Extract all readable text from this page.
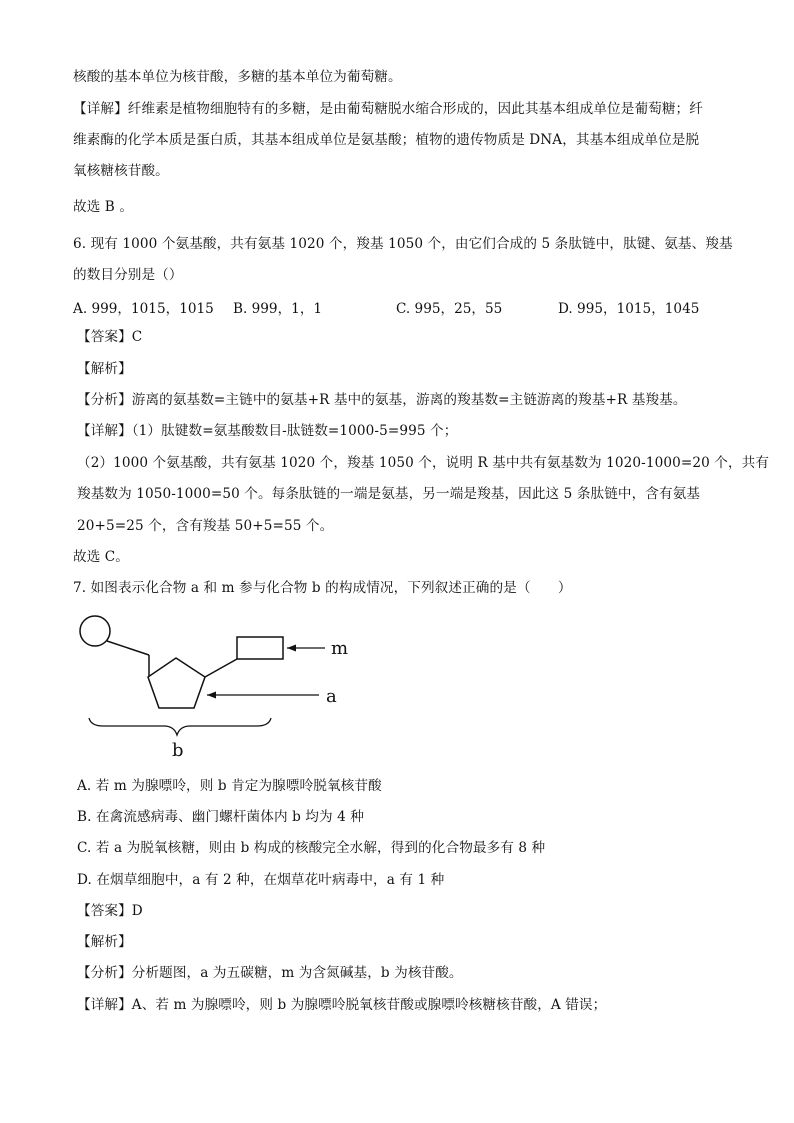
核酸的基本单位为核苷酸，多糖的基本单位为葡萄糖。
【详解】纤维素是植物细胞特有的多糖，是由葡萄糖脱水缩合形成的，因此其基本组成单位是葡萄糖；纤
维素酶的化学本质是蛋白质，其基本组成单位是氨基酸；植物的遗传物质是 DNA，其基本组成单位是脱
氧核糖核苷酸。
故选 B 。
6. 现有 1000 个氨基酸，共有氨基 1020 个，羧基 1050 个，由它们合成的 5 条肽链中，肽键、氨基、羧基
的数目分别是（）
A. 999，1015，1015 B. 999，1，1	C. 995，25，55	D. 995，1015，1045
【答案】C
【解析】
【分析】游离的氨基数=主链中的氨基+R 基中的氨基，游离的羧基数=主链游离的羧基+R 基羧基。
【详解】（1）肽键数=氨基酸数目-肽链数=1000-5=995 个；
（2）1000 个氨基酸，共有氨基 1020 个，羧基 1050 个，说明 R 基中共有氨基数为 1020-1000=20 个，共有
羧基数为 1050-1000=50 个。每条肽链的一端是氨基，另一端是羧基，因此这 5 条肽链中，含有氨基
20+5=25 个，含有羧基 50+5=55 个。
故选 C。
7. 如图表示化合物 a 和 m 参与化合物 b 的构成情况，下列叙述正确的是（　　）
m
a
b
A. 若 m 为腺嘌呤，则 b 肯定为腺嘌呤脱氧核苷酸
B. 在禽流感病毒、幽门螺杆菌体内 b 均为 4 种
C. 若 a 为脱氧核糖，则由 b 构成的核酸完全水解，得到的化合物最多有 8 种
D. 在烟草细胞中，a 有 2 种，在烟草花叶病毒中，a 有 1 种
【答案】D
【解析】
【分析】分析题图，a 为五碳糖，m 为含氮碱基，b 为核苷酸。
【详解】A、若 m 为腺嘌呤，则 b 为腺嘌呤脱氧核苷酸或腺嘌呤核糖核苷酸，A 错误；
